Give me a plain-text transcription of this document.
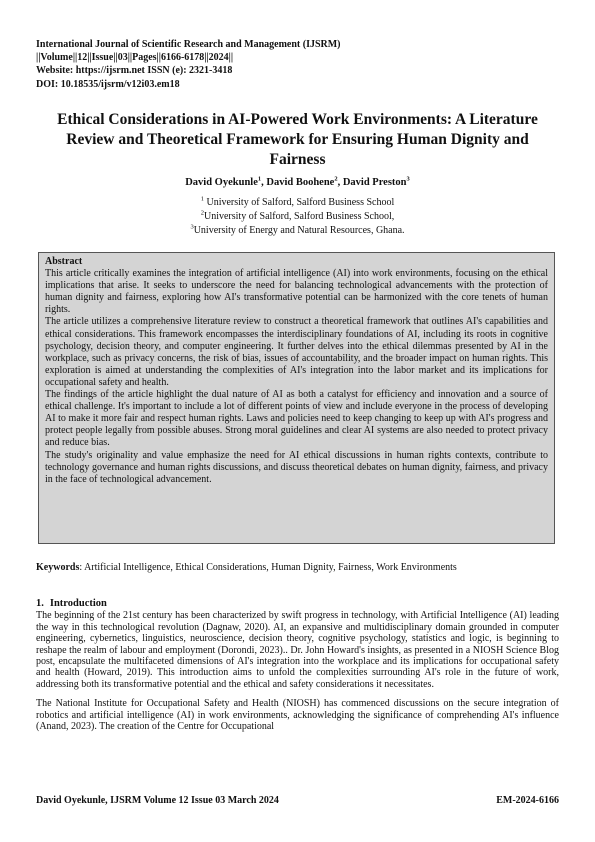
International Journal of Scientific Research and Management (IJSRM)
||Volume||12||Issue||03||Pages||6166-6178||2024||
Website: https://ijsrm.net ISSN (e): 2321-3418
DOI: 10.18535/ijsrm/v12i03.em18
Ethical Considerations in AI-Powered Work Environments: A Literature Review and Theoretical Framework for Ensuring Human Dignity and Fairness
David Oyekunle$^1$, David Boohene$^2$, David Preston$^3$
$^1$ University of Salford, Salford Business School
$^2$University of Salford, Salford Business School,
$^3$University of Energy and Natural Resources, Ghana.
Abstract

This article critically examines the integration of artificial intelligence (AI) into work environments, focusing on the ethical implications that arise. It seeks to underscore the need for balancing technological advancements with the protection of human dignity and fairness, exploring how AI's transformative potential can be harmonized with the core tenets of human rights.

The article utilizes a comprehensive literature review to construct a theoretical framework that outlines AI's capabilities and ethical considerations. This framework encompasses the interdisciplinary foundations of AI, including its roots in cognitive psychology, decision theory, and computer engineering. It further delves into the ethical dilemmas presented by AI in the workplace, such as privacy concerns, the risk of bias, issues of accountability, and the broader impact on human rights. This exploration is aimed at understanding the complexities of AI's integration into the labor market and its implications for occupational safety and health.

The findings of the article highlight the dual nature of AI as both a catalyst for efficiency and innovation and a source of ethical challenge. It's important to include a lot of different points of view and include everyone in the process of developing AI to make it more fair and respect human rights. Laws and policies need to keep changing to keep up with AI's progress and protect people legally from possible abuses. Strong moral guidelines and clear AI systems are also needed to protect privacy and reduce bias.

The study's originality and value emphasize the need for AI ethical discussions in human rights contexts, contribute to technology governance and human rights discussions, and discuss theoretical debates on human dignity, fairness, and privacy in the face of technological advancement.

Keywords: Artificial Intelligence, Ethical Considerations, Human Dignity, Fairness, Work Environments
1. Introduction

The beginning of the 21st century has been characterized by swift progress in technology, with Artificial Intelligence (AI) leading the way in this technological revolution (Dagnaw, 2020). AI, an expansive and multidisciplinary domain grounded in computer engineering, cybernetics, linguistics, neuroscience, decision theory, cognitive psychology, statistics and logic, is beginning to reshape the realm of labour and employment (Dorondi, 2023).. Dr. John Howard's insights, as presented in a NIOSH Science Blog post, encapsulate the multifaceted dimensions of AI's integration into the workplace and its implications for occupational safety and health (Howard, 2019). This introduction aims to unfold the complexities surrounding AI's role in the future of work, addressing both its transformative potential and the ethical and safety considerations it necessitates.

The National Institute for Occupational Safety and Health (NIOSH) has commenced discussions on the secure integration of robotics and artificial intelligence (AI) in work environments, acknowledging the significance of comprehending AI's influence (Anand, 2023). The creation of the Centre for Occupational

David Oyekunle, IJSRM Volume 12 Issue 03 March 2024	EM-2024-6166
